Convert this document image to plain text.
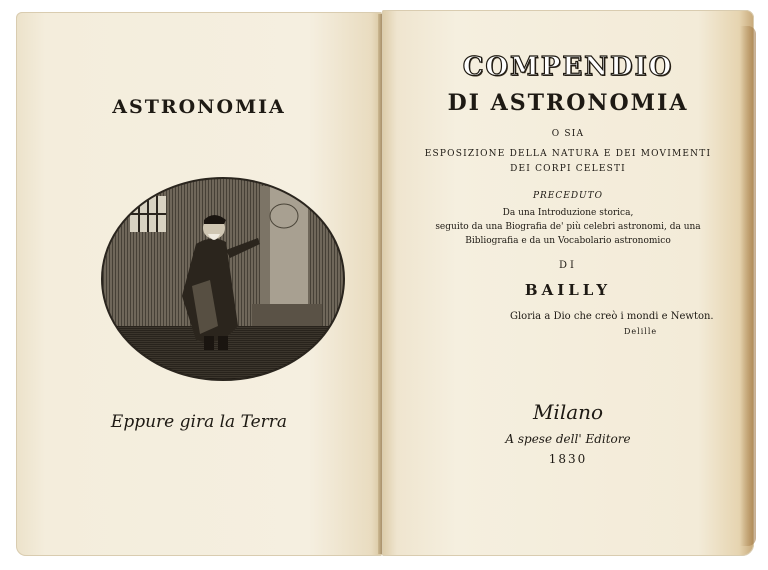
ASTRONOMIA
Eppure gira la Terra
COMPENDIO
DI ASTRONOMIA
O SIA
ESPOSIZIONE DELLA NATURA E DEI MOVIMENTI
DEI CORPI CELESTI
PRECEDUTO
Da una Introduzione storica,
seguito da una Biografia de' più celebri astronomi, da una
Bibliografia e da un Vocabolario astronomico
DI
BAILLY
Gloria a Dio che creò i mondi e Newton.
Delille
Milano
A spese dell' Editore
1830
